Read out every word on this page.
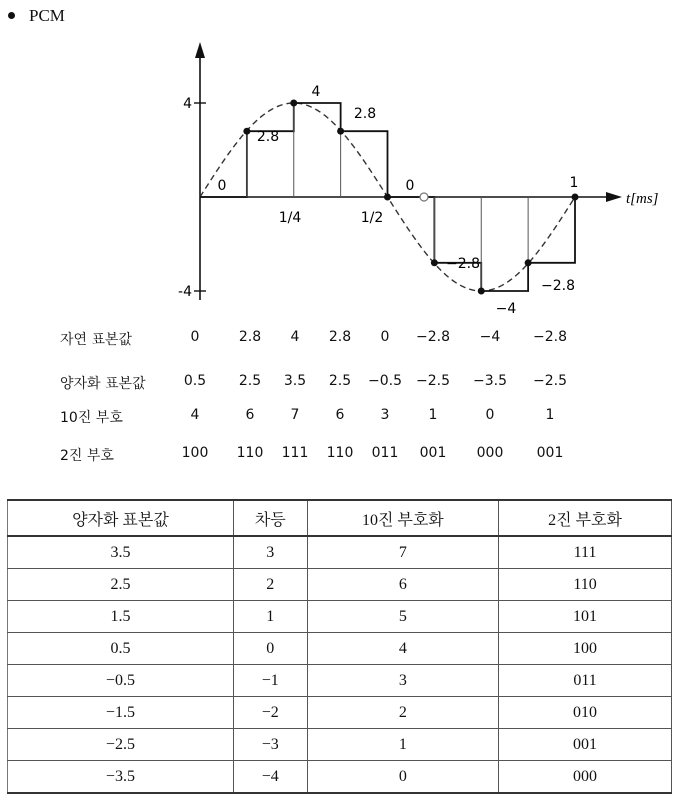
PCM
t[ms]
4
-4
1/4	1/2
1
0
2.8
4
2.8
0
−2.8
−4
−2.8
자연 표본값	0	2.8	4	2.8	0	−2.8	−4	−2.8
양자화 표본값	0.5	2.5	3.5	2.5	−0.5	−2.5	−3.5	−2.5
10진 부호	4	6	7	6	3	1	0	1
2진 부호	100	110	111	110	011	001	000	001
양자화 표본값	차등	10진 부호화	2진 부호화
3.5	3	7	111
2.5	2	6	110
1.5	1	5	101
0.5	0	4	100
−0.5	−1	3	011
−1.5	−2	2	010
−2.5	−3	1	001
−3.5	−4	0	000
